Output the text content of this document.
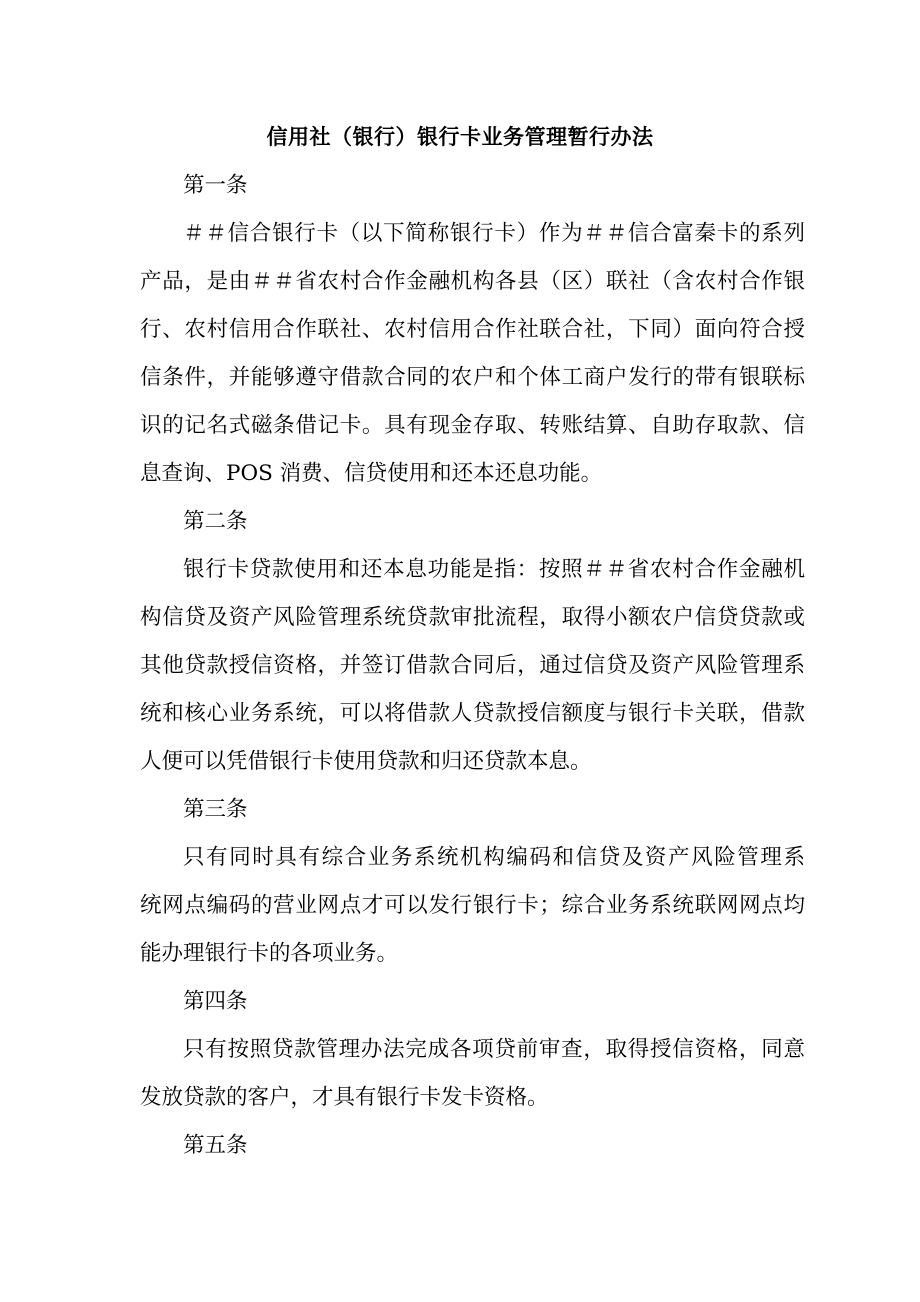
信用社（银行）银行卡业务管理暂行办法
第一条
＃＃信合银行卡（以下简称银行卡）作为＃＃信合富秦卡的系列
产品，是由＃＃省农村合作金融机构各县（区）联社（含农村合作银
行、农村信用合作联社、农村信用合作社联合社，下同）面向符合授
信条件，并能够遵守借款合同的农户和个体工商户发行的带有银联标
识的记名式磁条借记卡。具有现金存取、转账结算、自助存取款、信
息查询、POS 消费、信贷使用和还本还息功能。
第二条
银行卡贷款使用和还本息功能是指：按照＃＃省农村合作金融机
构信贷及资产风险管理系统贷款审批流程，取得小额农户信贷贷款或
其他贷款授信资格，并签订借款合同后，通过信贷及资产风险管理系
统和核心业务系统，可以将借款人贷款授信额度与银行卡关联，借款
人便可以凭借银行卡使用贷款和归还贷款本息。
第三条
只有同时具有综合业务系统机构编码和信贷及资产风险管理系
统网点编码的营业网点才可以发行银行卡；综合业务系统联网网点均
能办理银行卡的各项业务。
第四条
只有按照贷款管理办法完成各项贷前审查，取得授信资格，同意
发放贷款的客户，才具有银行卡发卡资格。
第五条
